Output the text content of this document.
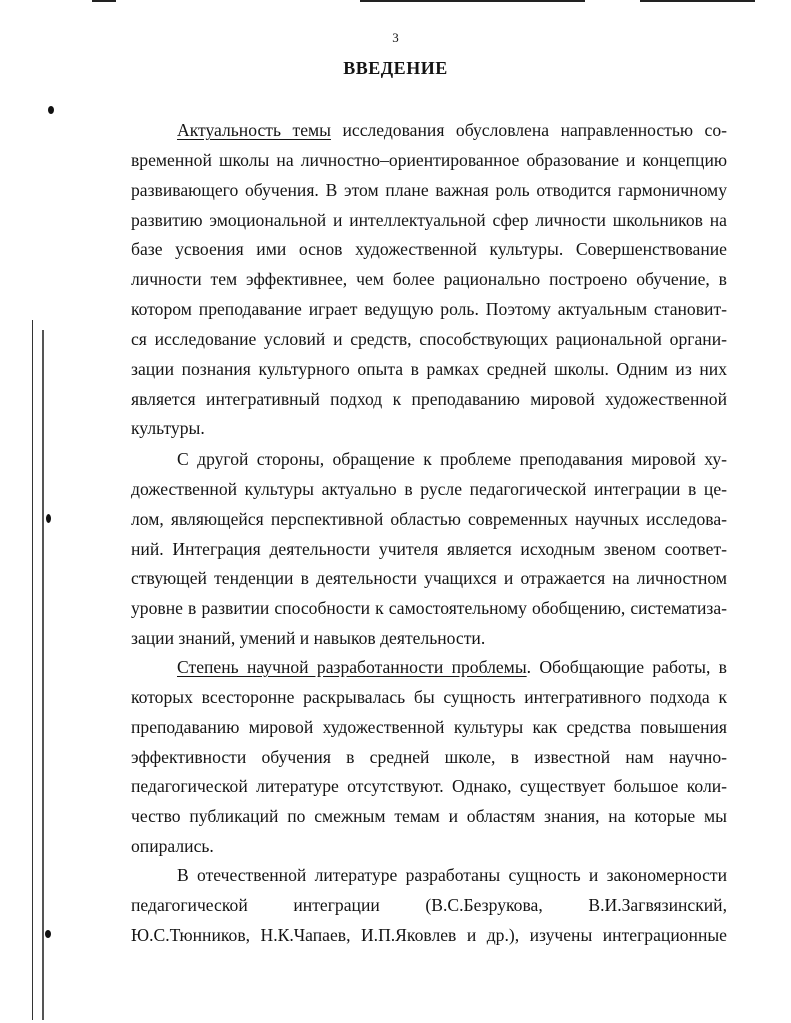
3
ВВЕДЕНИЕ
Актуальность темы исследования обусловлена направленностью со-
временной школы на личностно–ориентированное образование и концепцию
развивающего обучения. В этом плане важная роль отводится гармоничному
развитию эмоциональной и интеллектуальной сфер личности школьников на
базе усвоения ими основ художественной культуры. Совершенствование
личности тем эффективнее, чем более рационально построено обучение, в
котором преподавание играет ведущую роль. Поэтому актуальным становит-
ся исследование условий и средств, способствующих рациональной органи-
зации познания культурного опыта в рамках средней школы. Одним из них
является интегративный подход к преподаванию мировой художественной
культуры.
С другой стороны, обращение к проблеме преподавания мировой ху-
дожественной культуры актуально в русле педагогической интеграции в це-
лом, являющейся перспективной областью современных научных исследова-
ний. Интеграция деятельности учителя является исходным звеном соответ-
ствующей тенденции в деятельности учащихся и отражается на личностном
уровне в развитии способности к самостоятельному обобщению, систематиза-
зации знаний, умений и навыков деятельности.
Степень научной разработанности проблемы. Обобщающие работы, в
которых всесторонне раскрывалась бы сущность интегративного подхода к
преподаванию мировой художественной культуры как средства повышения
эффективности обучения в средней школе, в известной нам научно-
педагогической литературе отсутствуют. Однако, существует большое коли-
чество публикаций по смежным темам и областям знания, на которые мы
опирались.
В отечественной литературе разработаны сущность и закономерности
педагогической интеграции (В.С.Безрукова, В.И.Загвязинский,
Ю.С.Тюнников, Н.К.Чапаев, И.П.Яковлев и др.), изучены интеграционные
